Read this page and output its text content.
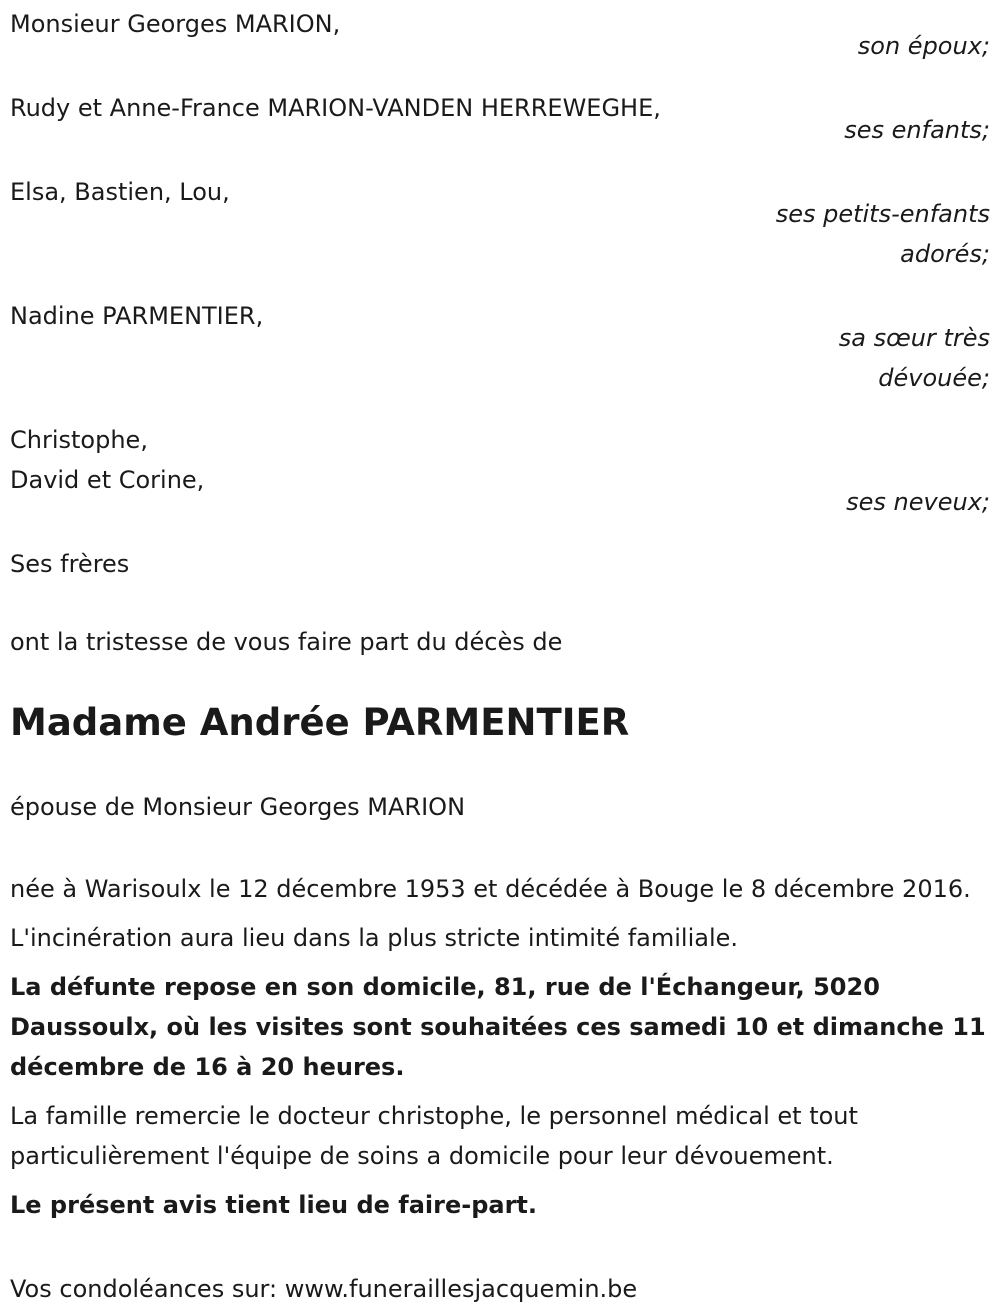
Monsieur Georges MARION,
son époux;
Rudy et Anne-France MARION-VANDEN HERREWEGHE,
ses enfants;
Elsa, Bastien, Lou,
ses petits-enfants
adorés;
Nadine PARMENTIER,
sa sœur très
dévouée;
Christophe,
David et Corine,
ses neveux;
Ses frères

ont la tristesse de vous faire part du décès de

Madame Andrée PARMENTIER

épouse de Monsieur Georges MARION

née à Warisoulx le 12 décembre 1953 et décédée à Bouge le 8 décembre 2016.

L'incinération aura lieu dans la plus stricte intimité familiale.

La défunte repose en son domicile, 81, rue de l'Échangeur, 5020 Daussoulx, où les visites sont souhaitées ces samedi 10 et dimanche 11 décembre de 16 à 20 heures.

La famille remercie le docteur christophe, le personnel médical et tout particulièrement l'équipe de soins a domicile pour leur dévouement.

Le présent avis tient lieu de faire-part.

Vos condoléances sur: www.funeraillesjacquemin.be
